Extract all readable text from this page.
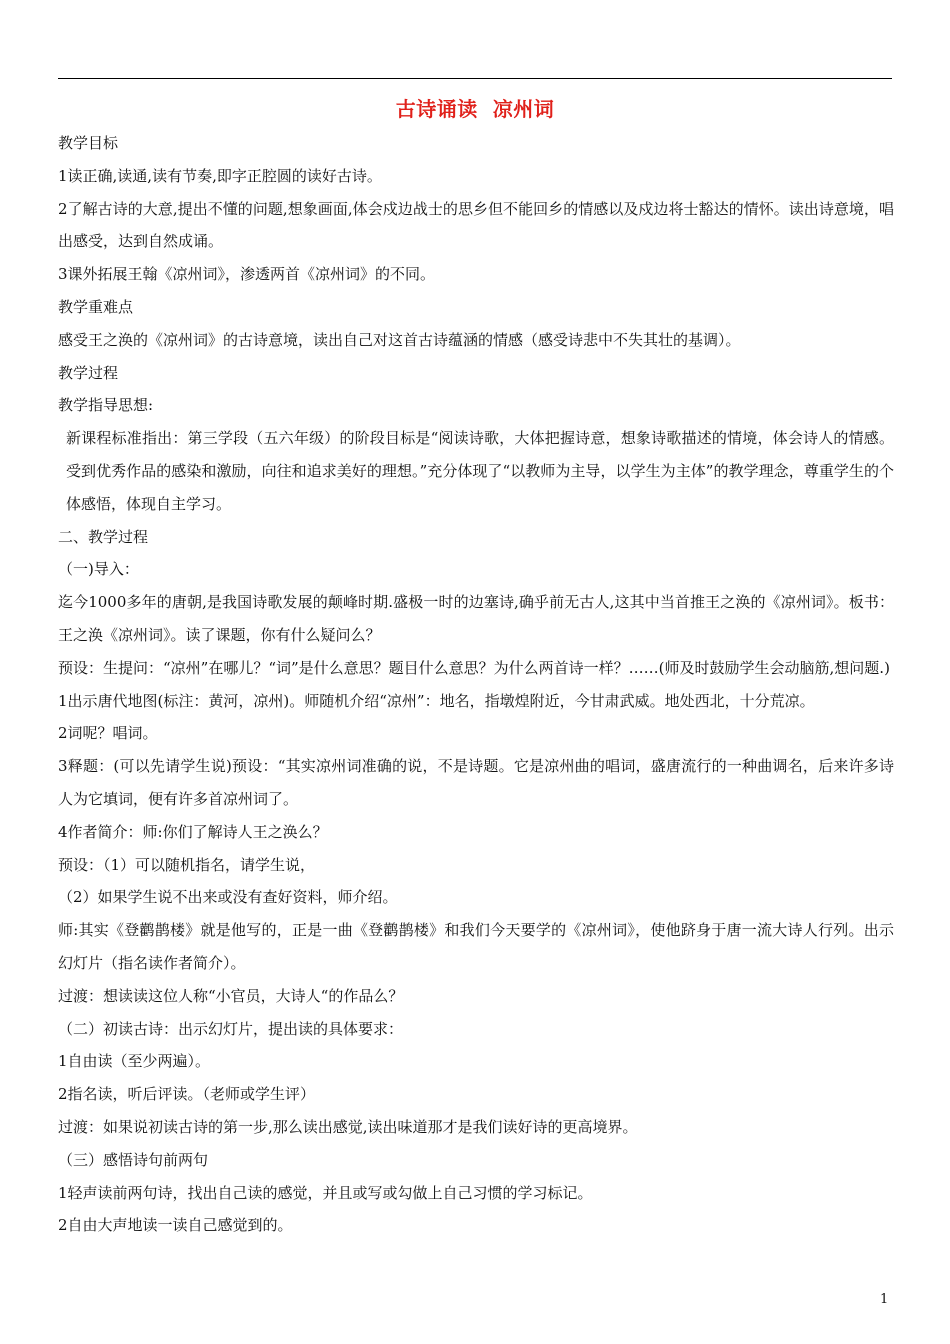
古诗诵读  凉州词

教学目标

1读正确,读通,读有节奏,即字正腔圆的读好古诗。

2了解古诗的大意,提出不懂的问题,想象画面,体会戍边战士的思乡但不能回乡的情感以及戍边将士豁达的情怀。读出诗意境，唱出感受，达到自然成诵。

3课外拓展王翰《凉州词》，渗透两首《凉州词》的不同。

教学重难点

感受王之涣的《凉州词》的古诗意境，读出自己对这首古诗蕴涵的情感（感受诗悲中不失其壮的基调）。

教学过程

教学指导思想:

新课程标准指出：第三学段（五六年级）的阶段目标是“阅读诗歌，大体把握诗意，想象诗歌描述的情境，体会诗人的情感。受到优秀作品的感染和激励，向往和追求美好的理想。”充分体现了“以教师为主导，以学生为主体”的教学理念，尊重学生的个体感悟，体现自主学习。

二、教学过程

（一)导入：

迄今1000多年的唐朝,是我国诗歌发展的颠峰时期.盛极一时的边塞诗,确乎前无古人,这其中当首推王之涣的《凉州词》。板书：王之涣《凉州词》。读了课题，你有什么疑问么？

预设：生提问：“凉州”在哪儿？“词”是什么意思？题目什么意思？为什么两首诗一样？……(师及时鼓励学生会动脑筋,想问题.)

1出示唐代地图(标注：黄河，凉州)。师随机介绍“凉州”：地名，指墩煌附近，今甘肃武威。地处西北，十分荒凉。

2词呢？唱词。

3释题：(可以先请学生说)预设：“其实凉州词准确的说，不是诗题。它是凉州曲的唱词，盛唐流行的一种曲调名，后来许多诗人为它填词，便有许多首凉州词了。

4作者简介：师:你们了解诗人王之涣么？

预设：（1）可以随机指名，请学生说，

（2）如果学生说不出来或没有查好资料，师介绍。

师:其实《登鹳鹊楼》就是他写的，正是一曲《登鹳鹊楼》和我们今天要学的《凉州词》，使他跻身于唐一流大诗人行列。出示幻灯片（指名读作者简介）。

过渡：想读读这位人称“小官员，大诗人“的作品么？

（二）初读古诗：出示幻灯片，提出读的具体要求：

1自由读（至少两遍）。

2指名读，听后评读。（老师或学生评）

过渡：如果说初读古诗的第一步,那么读出感觉,读出味道那才是我们读好诗的更高境界。

（三）感悟诗句前两句

1轻声读前两句诗，找出自己读的感觉，并且或写或勾做上自己习惯的学习标记。

2自由大声地读一读自己感觉到的。

1
